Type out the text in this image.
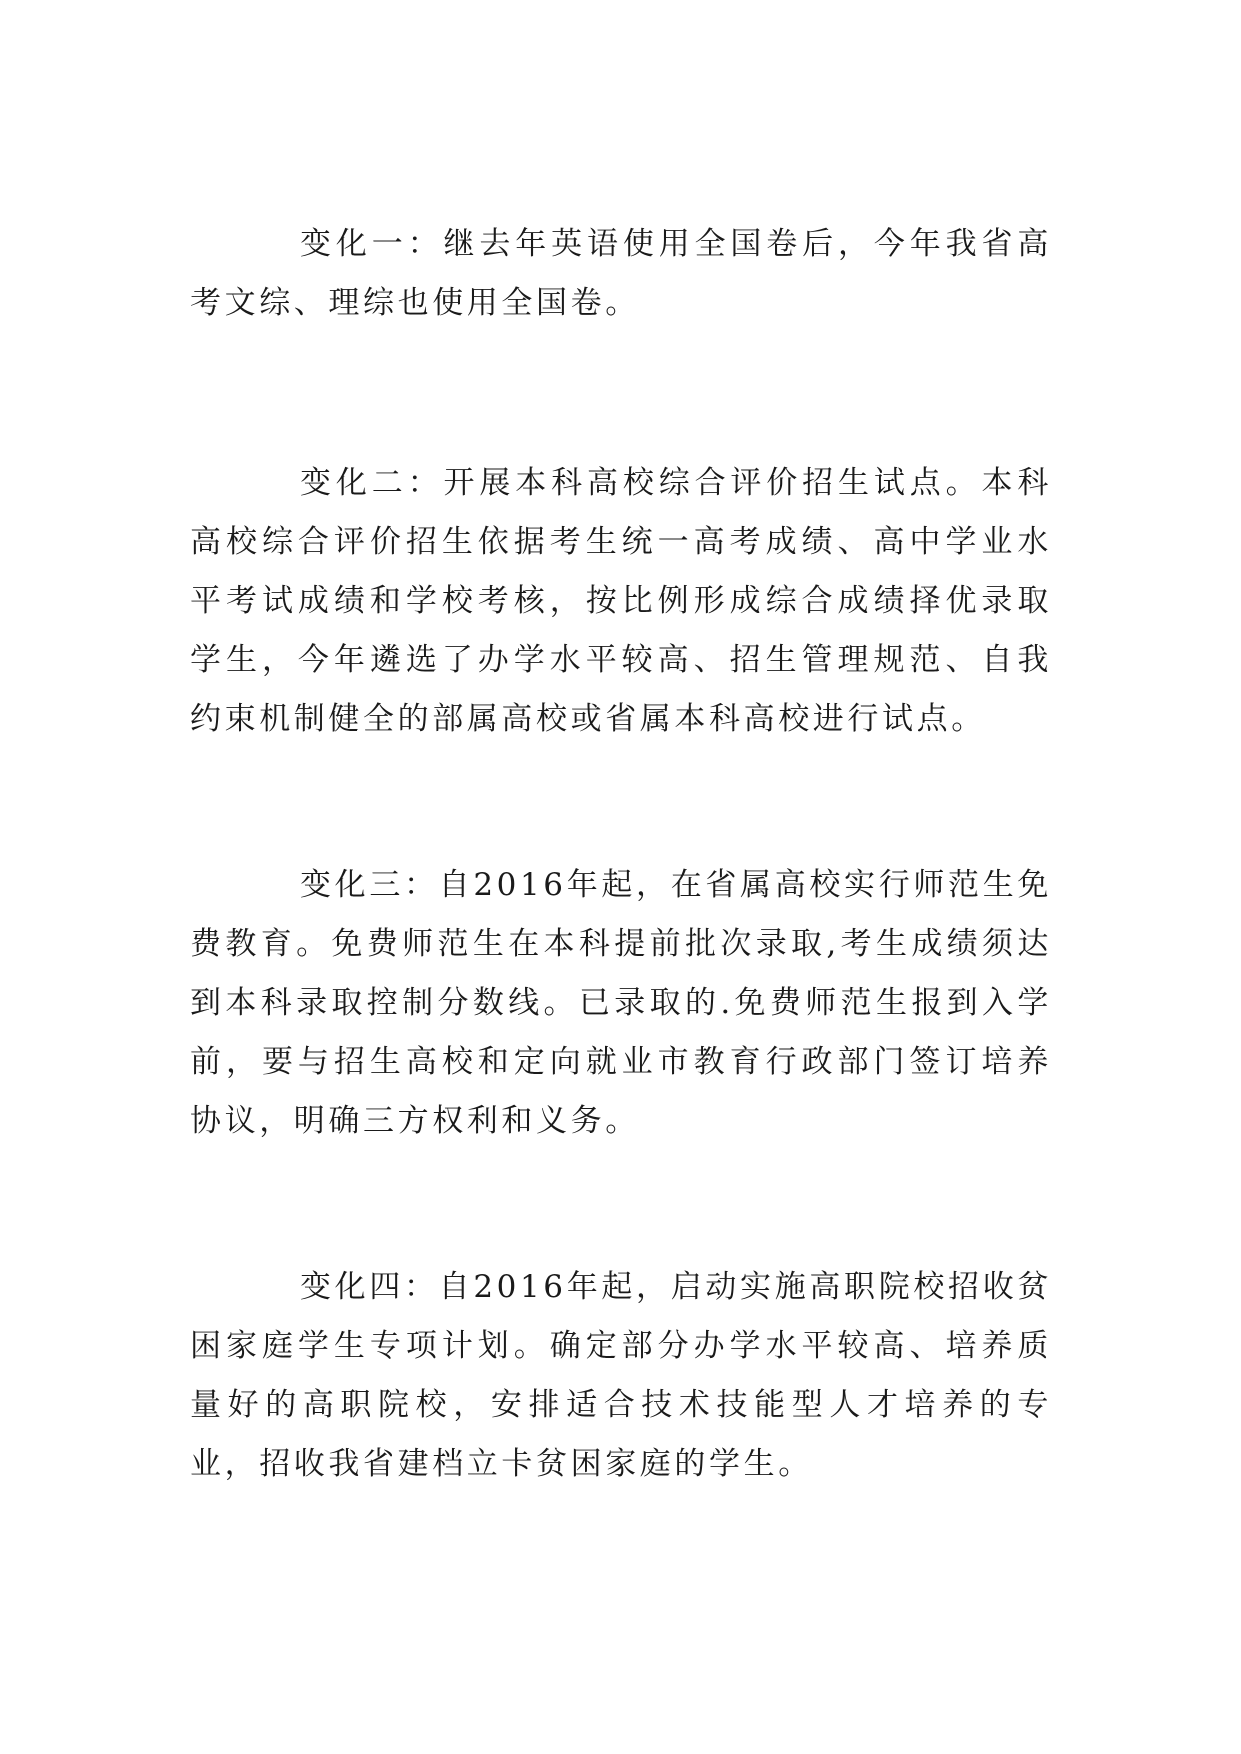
变化一：继去年英语使用全国卷后，今年我省高考文综、理综也使用全国卷。

变化二：开展本科高校综合评价招生试点。本科高校综合评价招生依据考生统一高考成绩、高中学业水平考试成绩和学校考核，按比例形成综合成绩择优录取学生，今年遴选了办学水平较高、招生管理规范、自我约束机制健全的部属高校或省属本科高校进行试点。

变化三：自2016年起，在省属高校实行师范生免费教育。免费师范生在本科提前批次录取,考生成绩须达到本科录取控制分数线。已录取的.免费师范生报到入学前，要与招生高校和定向就业市教育行政部门签订培养协议，明确三方权利和义务。

变化四：自2016年起，启动实施高职院校招收贫困家庭学生专项计划。确定部分办学水平较高、培养质量好的高职院校，安排适合技术技能型人才培养的专业，招收我省建档立卡贫困家庭的学生。
